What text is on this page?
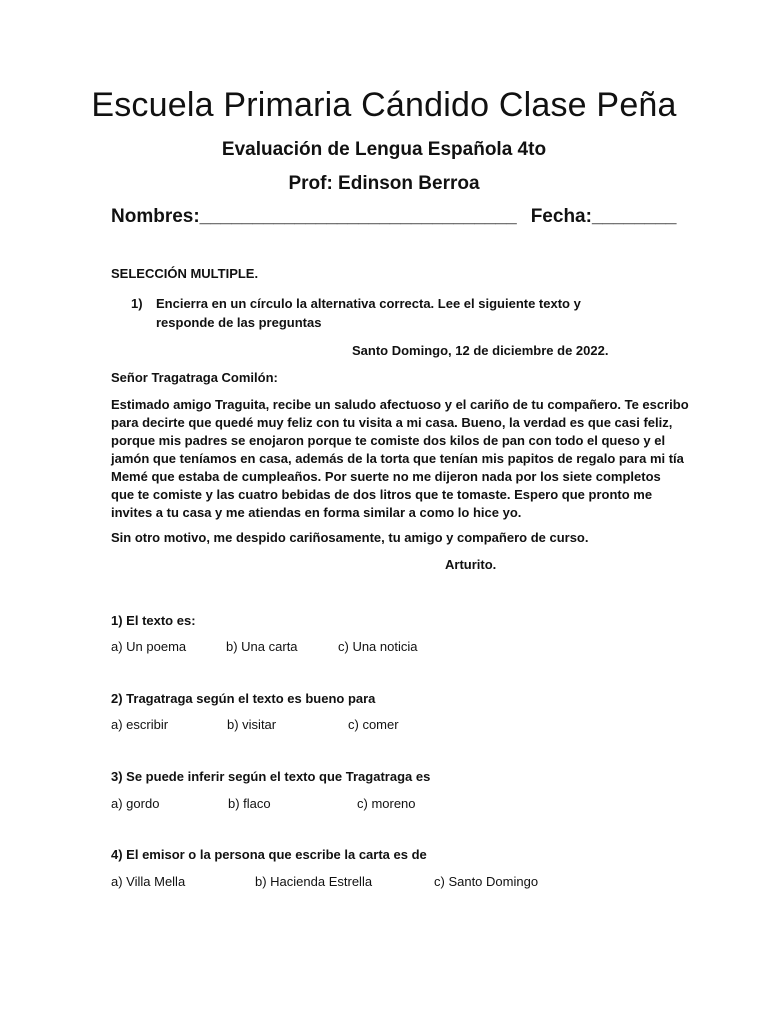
Escuela Primaria Cándido Clase Peña
Evaluación de Lengua Española 4to
Prof: Edinson Berroa
Nombres:______________________________ Fecha:________
SELECCIÓN MULTIPLE.
1) Encierra en un círculo la alternativa correcta. Lee el siguiente texto y
responde de las preguntas
Santo Domingo, 12 de diciembre de 2022.
Señor Tragatraga Comilón:
Estimado amigo Traguita, recibe un saludo afectuoso y el cariño de tu compañero. Te escribo
para decirte que quedé muy feliz con tu visita a mi casa. Bueno, la verdad es que casi feliz,
porque mis padres se enojaron porque te comiste dos kilos de pan con todo el queso y el
jamón que teníamos en casa, además de la torta que tenían mis papitos de regalo para mi tía
Memé que estaba de cumpleaños. Por suerte no me dijeron nada por los siete completos
que te comiste y las cuatro bebidas de dos litros que te tomaste. Espero que pronto me
invites a tu casa y me atiendas en forma similar a como lo hice yo.
Sin otro motivo, me despido cariñosamente, tu amigo y compañero de curso.
Arturito.
1) El texto es:
a) Un poema	b) Una carta	c) Una noticia
2) Tragatraga según el texto es bueno para
a) escribir	b) visitar	c) comer
3) Se puede inferir según el texto que Tragatraga es
a) gordo	b) flaco	c) moreno
4) El emisor o la persona que escribe la carta es de
a) Villa Mella	b) Hacienda Estrella	c) Santo Domingo
